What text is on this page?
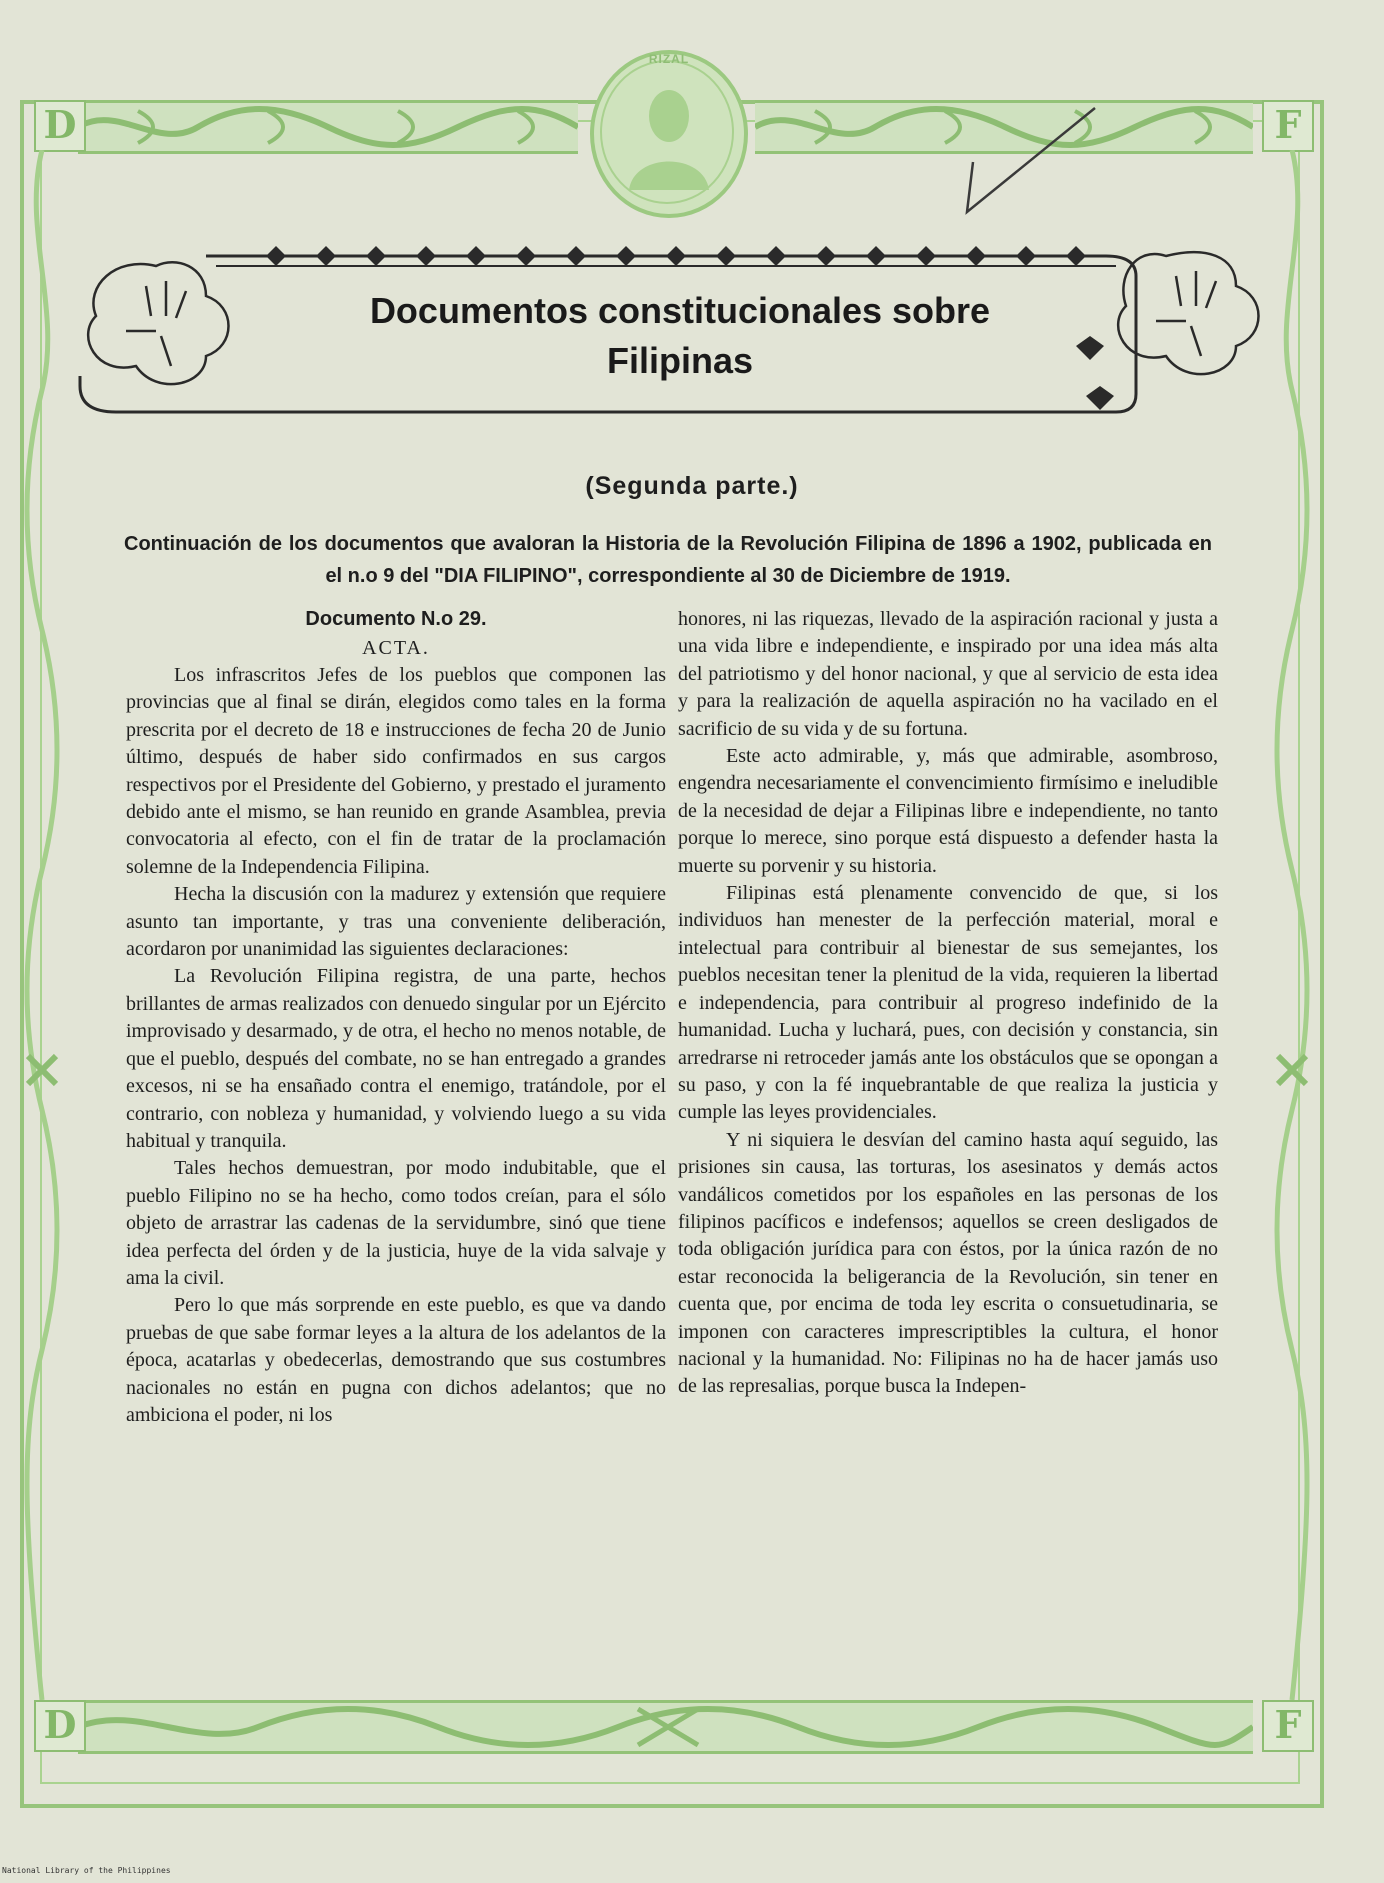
D	F
D	F
RIZAL
Documentos constitucionales sobre
Filipinas
(Segunda parte.)
Continuación de los documentos que avaloran la Historia de la Revolución Filipina de 1896 a 1902, publicada en el n.o 9 del "DIA FILIPINO", correspondiente al 30 de Diciembre de 1919.
Documento N.o 29.
ACTA.

Los infrascritos Jefes de los pueblos que componen las provincias que al final se dirán, elegidos como tales en la forma prescrita por el decreto de 18 e instrucciones de fecha 20 de Junio último, después de haber sido confirmados en sus cargos respectivos por el Presidente del Gobierno, y prestado el juramento debido ante el mismo, se han reunido en grande Asamblea, previa convocatoria al efecto, con el fin de tratar de la proclamación solemne de la Independencia Filipina.

Hecha la discusión con la madurez y extensión que requiere asunto tan importante, y tras una conveniente deliberación, acordaron por unanimidad las siguientes declaraciones:

La Revolución Filipina registra, de una parte, hechos brillantes de armas realizados con denuedo singular por un Ejército improvisado y desarmado, y de otra, el hecho no menos notable, de que el pueblo, después del combate, no se han entregado a grandes excesos, ni se ha ensañado contra el enemigo, tratándole, por el contrario, con nobleza y humanidad, y volviendo luego a su vida habitual y tranquila.

Tales hechos demuestran, por modo indubitable, que el pueblo Filipino no se ha hecho, como todos creían, para el sólo objeto de arrastrar las cadenas de la servidumbre, sinó que tiene idea perfecta del órden y de la justicia, huye de la vida salvaje y ama la civil.

Pero lo que más sorprende en este pueblo, es que va dando pruebas de que sabe formar leyes a la altura de los adelantos de la época, acatarlas y obedecerlas, demostrando que sus costumbres nacionales no están en pugna con dichos adelantos; que no ambiciona el poder, ni los

honores, ni las riquezas, llevado de la aspiración racional y justa a una vida libre e independiente, e inspirado por una idea más alta del patriotismo y del honor nacional, y que al servicio de esta idea y para la realización de aquella aspiración no ha vacilado en el sacrificio de su vida y de su fortuna.

Este acto admirable, y, más que admirable, asombroso, engendra necesariamente el convencimiento firmísimo e ineludible de la necesidad de dejar a Filipinas libre e independiente, no tanto porque lo merece, sino porque está dispuesto a defender hasta la muerte su porvenir y su historia.

Filipinas está plenamente convencido de que, si los individuos han menester de la perfección material, moral e intelectual para contribuir al bienestar de sus semejantes, los pueblos necesitan tener la plenitud de la vida, requieren la libertad e independencia, para contribuir al progreso indefinido de la humanidad. Lucha y luchará, pues, con decisión y constancia, sin arredrarse ni retroceder jamás ante los obstáculos que se opongan a su paso, y con la fé inquebrantable de que realiza la justicia y cumple las leyes providenciales.

Y ni siquiera le desvían del camino hasta aquí seguido, las prisiones sin causa, las torturas, los asesinatos y demás actos vandálicos cometidos por los españoles en las personas de los filipinos pacíficos e indefensos; aquellos se creen desligados de toda obligación jurídica para con éstos, por la única razón de no estar reconocida la beligerancia de la Revolución, sin tener en cuenta que, por encima de toda ley escrita o consuetudinaria, se imponen con caracteres imprescriptibles la cultura, el honor nacional y la humanidad. No: Filipinas no ha de hacer jamás uso de las represalias, porque busca la Indepen-

National Library of the Philippines
